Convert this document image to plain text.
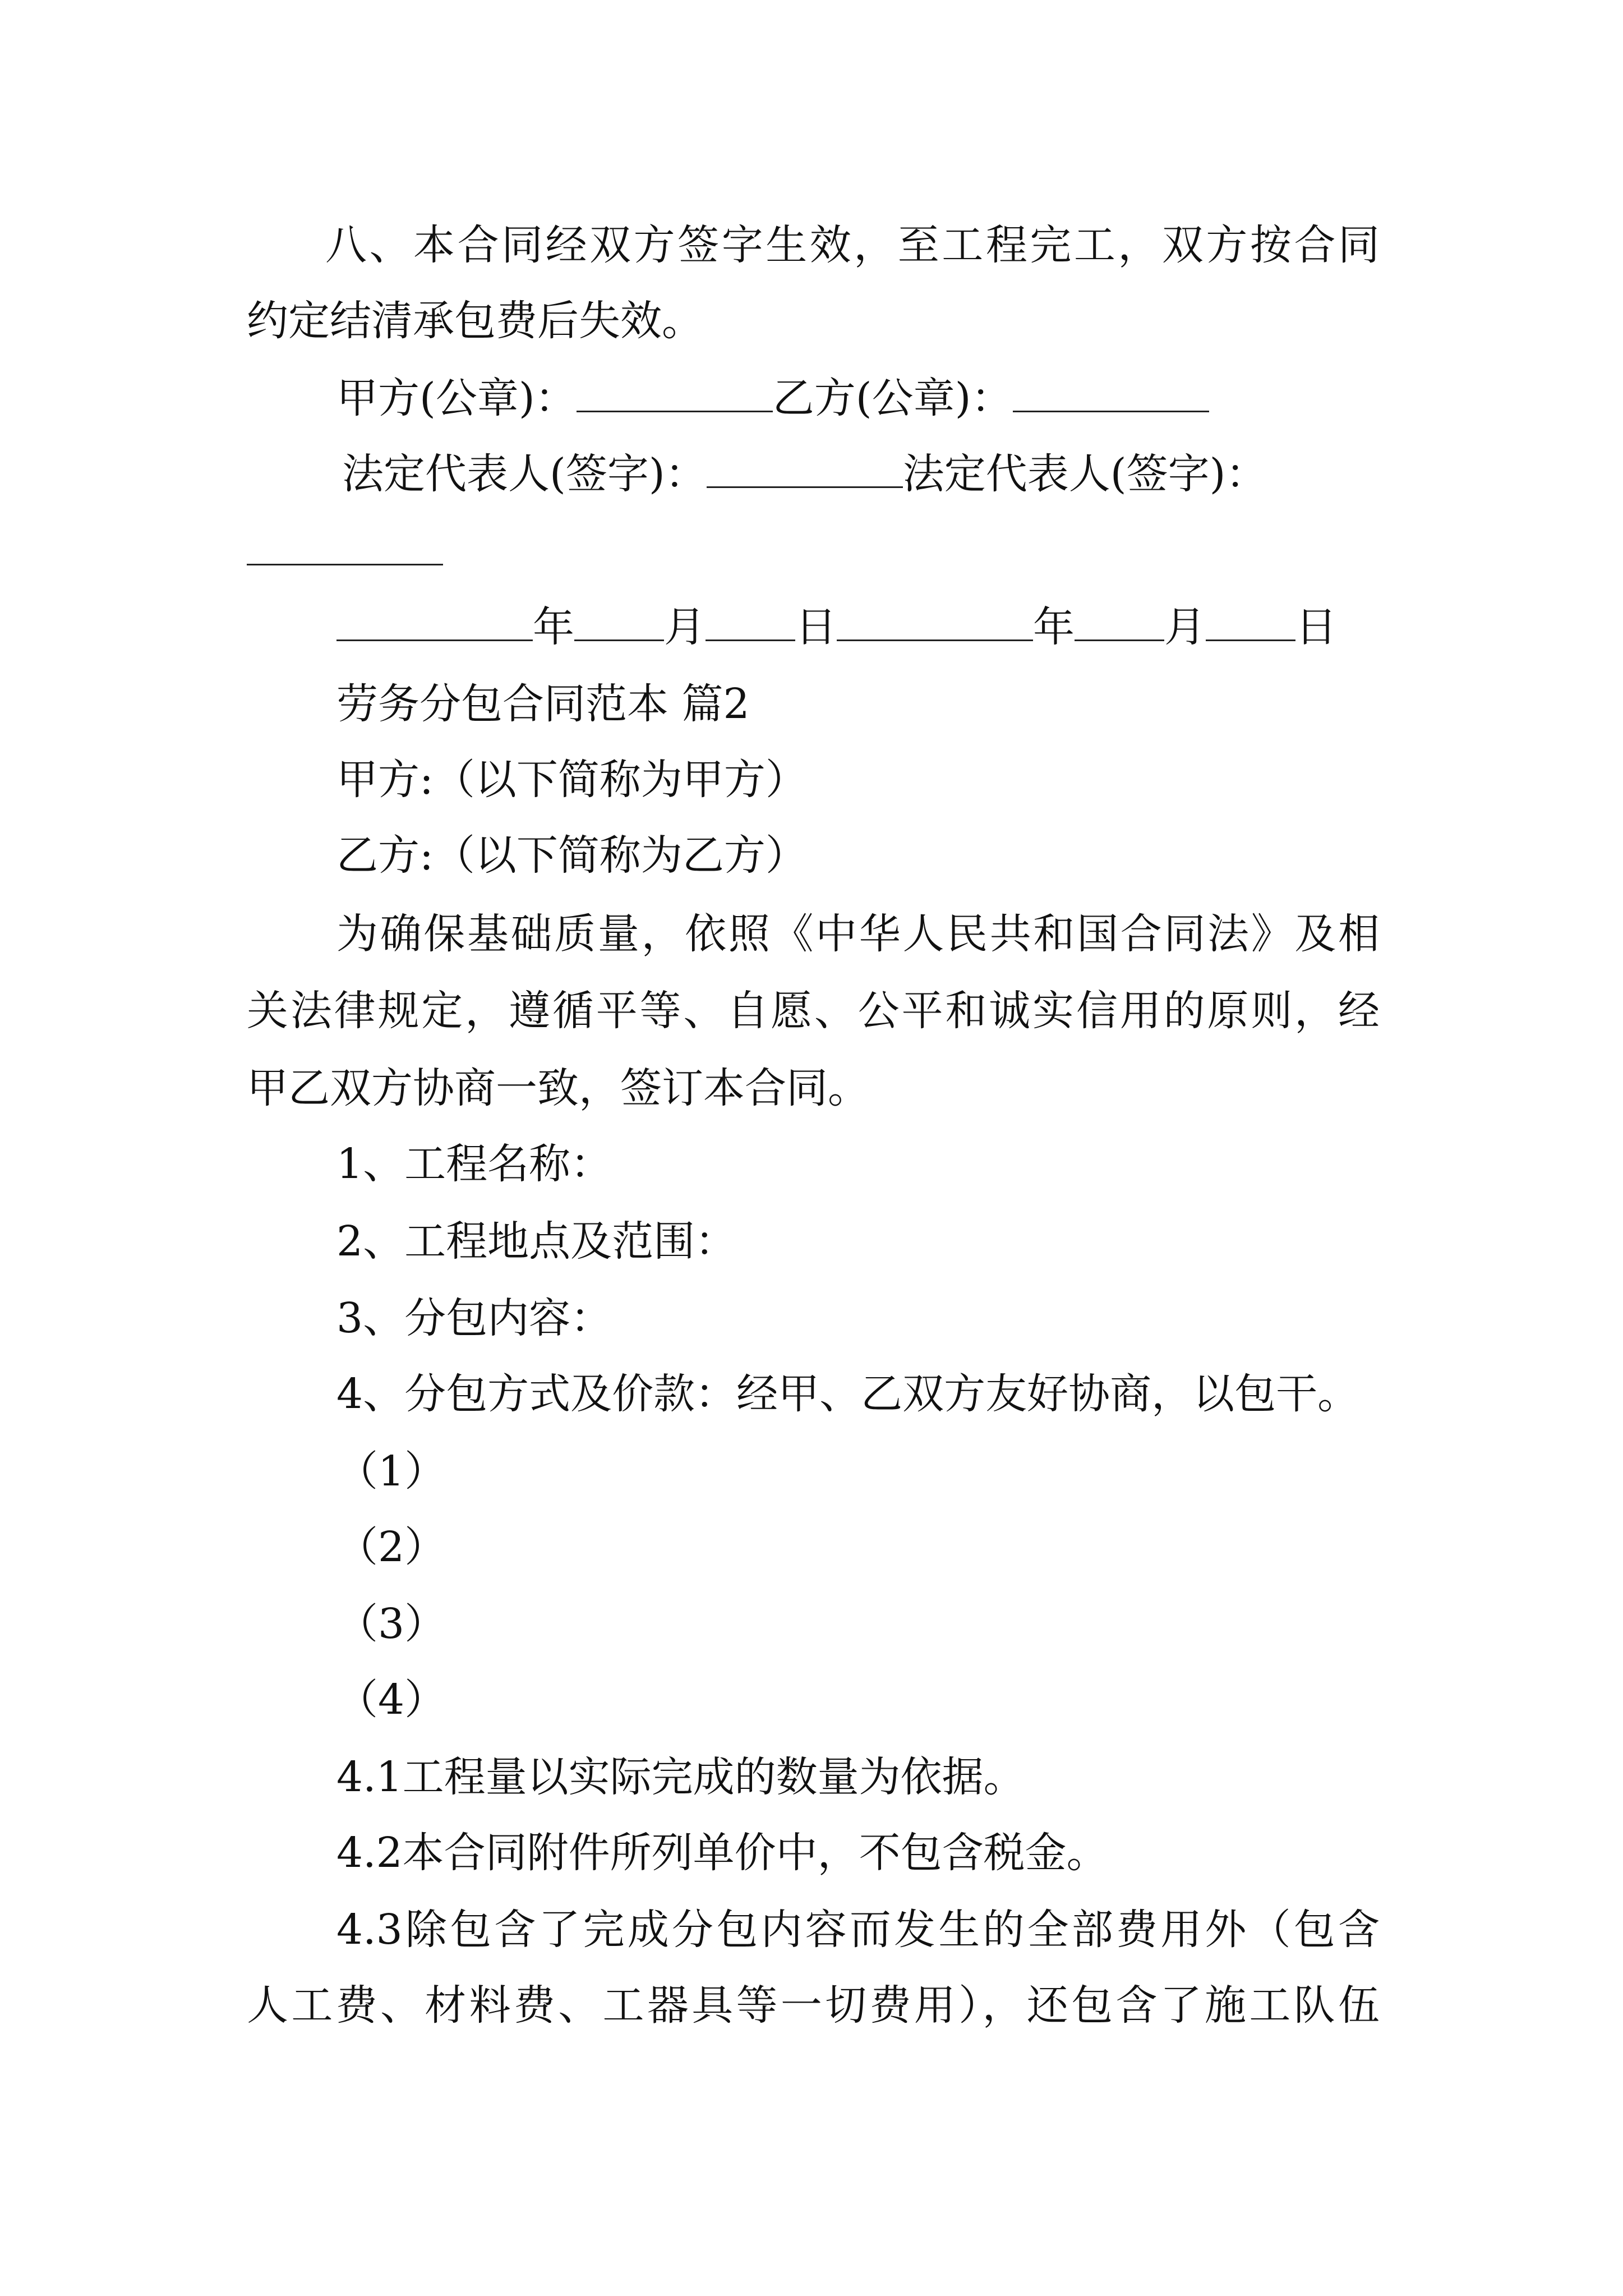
八、本合同经双方签字生效，至工程完工，双方按合同
约定结清承包费后失效。
甲方(公章)：	乙方(公章)：
法定代表人(签字)：	法定代表人(签字)：
年 月 日	年 月 日
劳务分包合同范本 篇2
甲方:（以下简称为甲方）
乙方:（以下简称为乙方）
为确保基础质量，依照《中华人民共和国合同法》及相
关法律规定，遵循平等、自愿、公平和诚实信用的原则，经
甲乙双方协商一致，签订本合同。
1、工程名称：
2、工程地点及范围：
3、分包内容：
4、分包方式及价款：经甲、乙双方友好协商，以包干。
（1）
（2）
（3）
（4）
4.1工程量以实际完成的数量为依据。
4.2本合同附件所列单价中，不包含税金。
4.3除包含了完成分包内容而发生的全部费用外（包含
人工费、材料费、工器具等一切费用），还包含了施工队伍
